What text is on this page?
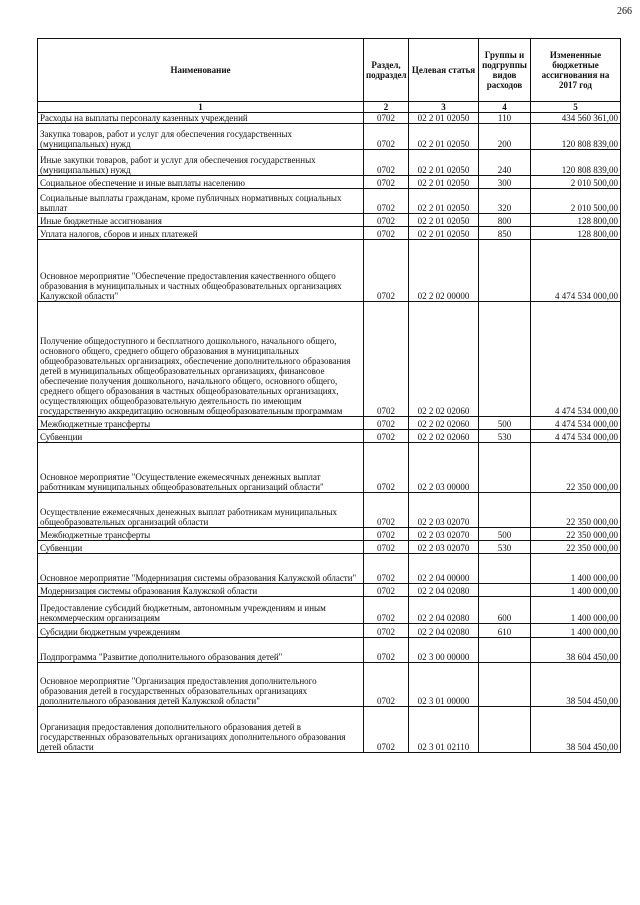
266
Наименование	Раздел, подраздел	Целевая статья	Группы и подгруппы видов расходов	Измененные бюджетные ассигнования на 2017 год
1	2	3	4	5
Расходы на выплаты персоналу казенных учреждений	0702	02 2 01 02050	110	434 560 361,00
Закупка товаров, работ и услуг для обеспечения государственных (муниципальных) нужд	0702	02 2 01 02050	200	120 808 839,00
Иные закупки товаров, работ и услуг для обеспечения государственных (муниципальных) нужд	0702	02 2 01 02050	240	120 808 839,00
Социальное обеспечение и иные выплаты населению	0702	02 2 01 02050	300	2 010 500,00
Социальные выплаты гражданам, кроме публичных нормативных социальных выплат	0702	02 2 01 02050	320	2 010 500,00
Иные бюджетные ассигнования	0702	02 2 01 02050	800	128 800,00
Уплата налогов, сборов и иных платежей	0702	02 2 01 02050	850	128 800,00
Основное мероприятие "Обеспечение предоставления качественного общего образования в муниципальных и частных общеобразовательных организациях Калужской области"	0702	02 2 02 00000		4 474 534 000,00
Получение общедоступного и бесплатного дошкольного, начального общего, основного общего, среднего общего образования в муниципальных общеобразовательных организациях, обеспечение дополнительного образования детей в муниципальных общеобразовательных организациях, финансовое обеспечение получения дошкольного, начального общего, основного общего, среднего общего образования в частных общеобразовательных организациях, осуществляющих общеобразовательную деятельность по имеющим государственную аккредитацию основным общеобразовательным программам	0702	02 2 02 02060		4 474 534 000,00
Межбюджетные трансферты	0702	02 2 02 02060	500	4 474 534 000,00
Субвенции	0702	02 2 02 02060	530	4 474 534 000,00
Основное мероприятие "Осуществление ежемесячных денежных выплат работникам муниципальных общеобразовательных организаций области"	0702	02 2 03 00000		22 350 000,00
Осуществление ежемесячных денежных выплат работникам муниципальных общеобразовательных организаций области	0702	02 2 03 02070		22 350 000,00
Межбюджетные трансферты	0702	02 2 03 02070	500	22 350 000,00
Субвенции	0702	02 2 03 02070	530	22 350 000,00
Основное мероприятие "Модернизация системы образования Калужской области"	0702	02 2 04 00000		1 400 000,00
Модернизация системы образования Калужской области	0702	02 2 04 02080		1 400 000,00
Предоставление субсидий бюджетным, автономным учреждениям и иным некоммерческим организациям	0702	02 2 04 02080	600	1 400 000,00
Субсидии бюджетным учреждениям	0702	02 2 04 02080	610	1 400 000,00
Подпрограмма "Развитие дополнительного образования детей"	0702	02 3 00 00000		38 604 450,00
Основное мероприятие "Организация предоставления дополнительного образования детей в государственных образовательных организациях дополнительного образования детей Калужской области"	0702	02 3 01 00000		38 504 450,00
Организация предоставления дополнительного образования детей в государственных образовательных организациях дополнительного образования детей области	0702	02 3 01 02110		38 504 450,00
